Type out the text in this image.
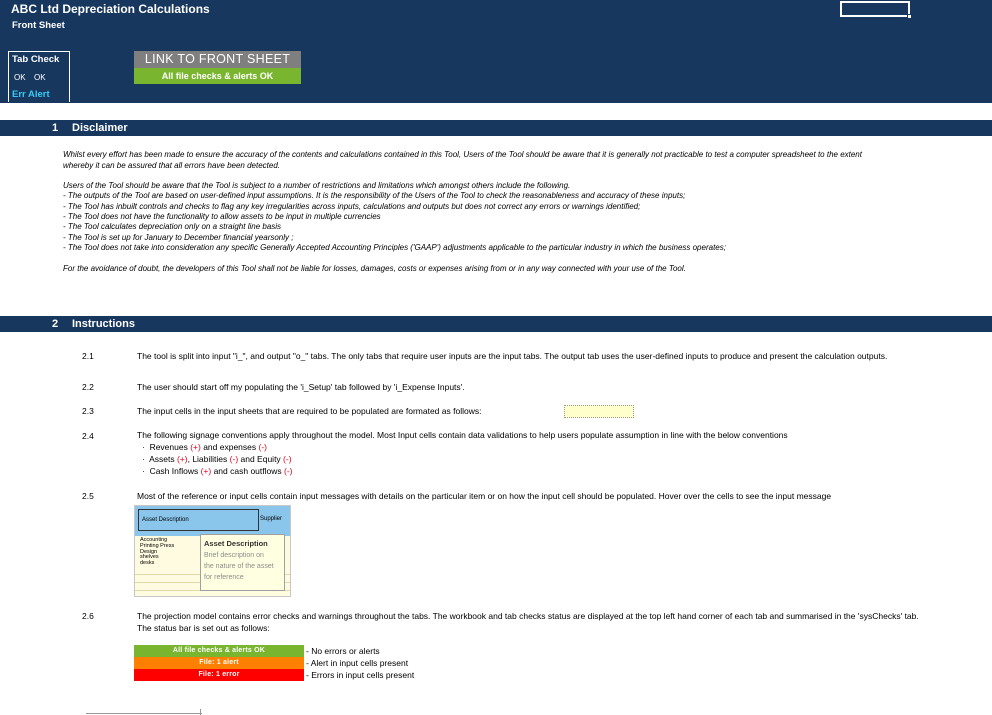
ABC Ltd Depreciation Calculations
Front Sheet
Tab Check
OK OK
Err Alert
LINK TO FRONT SHEET
All file checks & alerts OK
1 Disclaimer
Whilst every effort has been made to ensure the accuracy of the contents and calculations contained in this Tool, Users of the Tool should be aware that it is generally not practicable to test a computer spreadsheet to the extent
whereby it can be assured that all errors have been detected.
Users of the Tool should be aware that the Tool is subject to a number of restrictions and limitations which amongst others include the following.
- The outputs of the Tool are based on user-defined input assumptions. It is the responsibility of the Users of the Tool to check the reasonableness and accuracy of these inputs;
- The Tool has inbuilt controls and checks to flag any key irregularities across inputs, calculations and outputs but does not correct any errors or warnings identified;
- The Tool does not have the functionality to allow assets to be input in multiple currencies
- The Tool calculates depreciation only on a straight line basis
- The Tool is set up for January to December financial yearsonly ;
- The Tool does not take into consideration any specific Generally Accepted Accounting Principles ('GAAP') adjustments applicable to the particular industry in which the business operates;
For the avoidance of doubt, the developers of this Tool shall not be liable for losses, damages, costs or expenses arising from or in any way connected with your use of the Tool.
2 Instructions
2.1	The tool is split into input "i_", and output "o_" tabs. The only tabs that require user inputs are the input tabs. The output tab uses the user-defined inputs to produce and present the calculation outputs.
2.2	The user should start off my populating the 'i_Setup' tab followed by 'i_Expense Inputs'.
2.3	The input cells in the input sheets that are required to be populated are formated as follows:
2.4	The following signage conventions apply throughout the model. Most Input cells contain data validations to help users populate assumption in line with the below conventions
·  Revenues (+) and expenses (-)
·  Assets (+), Liabilities (-) and Equity (-)
·  Cash Inflows (+) and cash outflows (-)
2.5	Most of the reference or input cells contain input messages with details on the particular item or on how the input cell should be populated. Hover over the cells to see the input message
Asset Description	Supplier
Accounting
Printing Press
Design
shelves
desks
Asset Description
Brief description on
the nature of the asset
for reference
2.6	The projection model contains error checks and warnings throughout the tabs. The workbook and tab checks status are displayed at the top left hand corner of each tab and summarised in the 'sysChecks' tab.
The status bar is set out as follows:
All file checks & alerts OK	- No errors or alerts
File: 1 alert	- Alert in input cells present
File: 1 error	- Errors in input cells present
